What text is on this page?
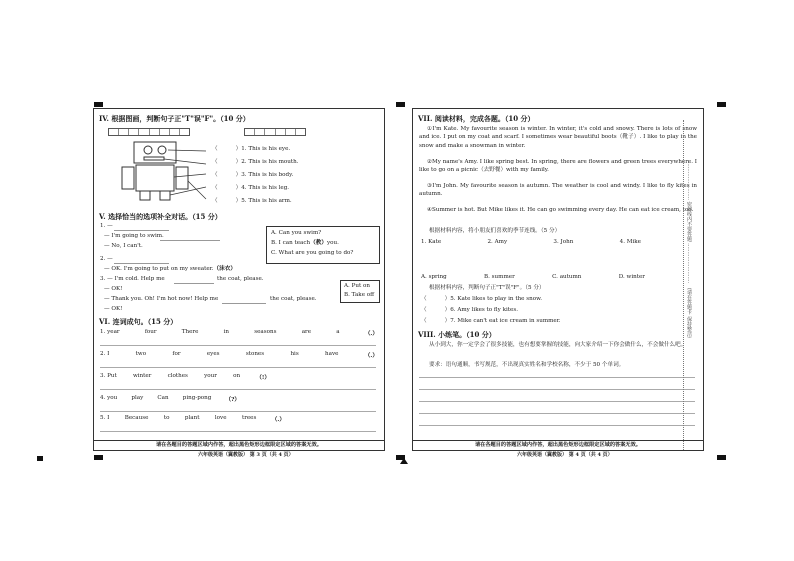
IV. 根据图画，判断句子正"T"误"F"。（10 分）
（	）1. This is his eye.
（	）2. This is his mouth.
（	）3. This is his body.
（	）4. This is his leg.
（	）5. This is his arm.
V. 选择恰当的选项补全对话。（15 分）
1. —
— I'm going to swim.
— No, I can't.
2. —
— OK. I'm going to put on my sweater.（沫衣）
3. — I'm cold. Help me	the coat, please.
— OK!
— Thank you. Oh! I'm hot now! Help me	the coat, please.
— OK!
A. Can you swim?
B. I can teach（教）you.
C. What are you going to do?
A. Put on
B. Take off
VI. 连词成句。（15 分）
1. year	four	There	in	seasons	are	a	（.）
2. I	two	for	eyes	stones	his	have	（.）
3. Put	winter	clothes	your	on	（!）
4. you	play	Can	ping-pong	（?）
5. I	Because	to	plant	love	trees	（.）
请在各题目的答题区域内作答，超出黑色矩形边框限定区域的答案无效。
六年级英语（冀教版） 第 3 页（共 4 页）
VII. 阅读材料，完成各题。（10 分）
①I'm Kate. My favourite season is winter. In winter, it's cold and snowy. There is lots of snow and ice. I put on my coat and scarf. I sometimes wear beautiful boots（靴子）. I like to play in the snow and make a snowman in winter.
②My name's Amy. I like spring best. In spring, there are flowers and green trees everywhere. I like to go on a picnic（去野餐）with my family.
③I'm John. My favourite season is autumn. The weather is cool and windy. I like to fly kites in autumn.
④Summer is hot. But Mike likes it. He can go swimming every day. He can eat ice cream, too.
根据材料内容，将小朋友们喜欢的季节连线。（5 分）
1. Kate	2. Amy	3. John	4. Mike
A. spring	B. summer	C. autumn	D. winter
根据材料内容，判断句子正"T"误"F"。（5 分）
（	）5. Kate likes to play in the snow.
（	）6. Amy likes to fly kites.
（	）7. Mike can't eat ice cream in summer.
VIII. 小练笔。（10 分）
从小到大，你一定学会了很多技能，也有想要掌握的技能，向大家介绍一下你会做什么，不会做什么吧。
要求：语句通顺，书写规范，不出现真实姓名和学校名称，不少于 50 个单词。
请在各题目的答题区域内作答，超出黑色矩形边框限定区域的答案无效。
六年级英语（冀教版） 第 4 页（共 4 页）
…………………… 密封线内不要答题 …………………… （请在答题卡 保持整洁）
